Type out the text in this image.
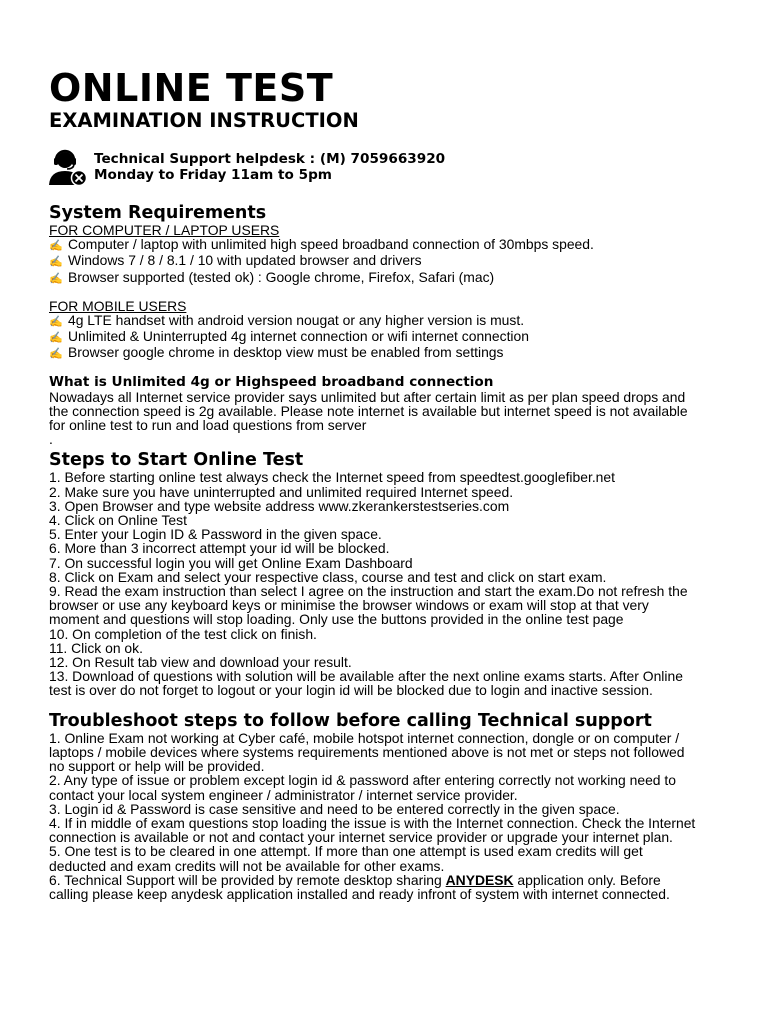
ONLINE TEST
EXAMINATION INSTRUCTION
Technical Support helpdesk : (M) 7059663920
Monday to Friday 11am to 5pm
System Requirements
FOR COMPUTER / LAPTOP USERS
✍ Computer / laptop with unlimited high speed broadband connection of 30mbps speed.
✍ Windows 7 / 8 / 8.1 / 10 with updated browser and drivers
✍ Browser supported (tested ok) : Google chrome, Firefox, Safari (mac)
FOR MOBILE USERS
✍ 4g LTE handset with android version nougat or any higher version is must.
✍ Unlimited & Uninterrupted 4g internet connection or wifi internet connection
✍ Browser google chrome in desktop view must be enabled from settings
What is Unlimited 4g or Highspeed broadband connection
Nowadays all Internet service provider says unlimited but after certain limit as per plan speed drops and
the connection speed is 2g available. Please note internet is available but internet speed is not available
for online test to run and load questions from server
.
Steps to Start Online Test
1. Before starting online test always check the Internet speed from speedtest.googlefiber.net
2. Make sure you have uninterrupted and unlimited required Internet speed.
3. Open Browser and type website address www.zkerankerstestseries.com
4. Click on Online Test
5. Enter your Login ID & Password in the given space.
6. More than 3 incorrect attempt your id will be blocked.
7. On successful login you will get Online Exam Dashboard
8. Click on Exam and select your respective class, course and test and click on start exam.
9. Read the exam instruction than select I agree on the instruction and start the exam.Do not refresh the
browser or use any keyboard keys or minimise the browser windows or exam will stop at that very
moment and questions will stop loading. Only use the buttons provided in the online test page
10. On completion of the test click on finish.
11. Click on ok.
12. On Result tab view and download your result.
13. Download of questions with solution will be available after the next online exams starts. After Online
test is over do not forget to logout or your login id will be blocked due to login and inactive session.
Troubleshoot steps to follow before calling Technical support
1. Online Exam not working at Cyber café, mobile hotspot internet connection, dongle or on computer /
laptops / mobile devices where systems requirements mentioned above is not met or steps not followed
no support or help will be provided.
2. Any type of issue or problem except login id & password after entering correctly not working need to
contact your local system engineer / administrator / internet service provider.
3. Login id & Password is case sensitive and need to be entered correctly in the given space.
4. If in middle of exam questions stop loading the issue is with the Internet connection. Check the Internet
connection is available or not and contact your internet service provider or upgrade your internet plan.
5. One test is to be cleared in one attempt. If more than one attempt is used exam credits will get
deducted and exam credits will not be available for other exams.
6. Technical Support will be provided by remote desktop sharing ANYDESK application only. Before
calling please keep anydesk application installed and ready infront of system with internet connected.
